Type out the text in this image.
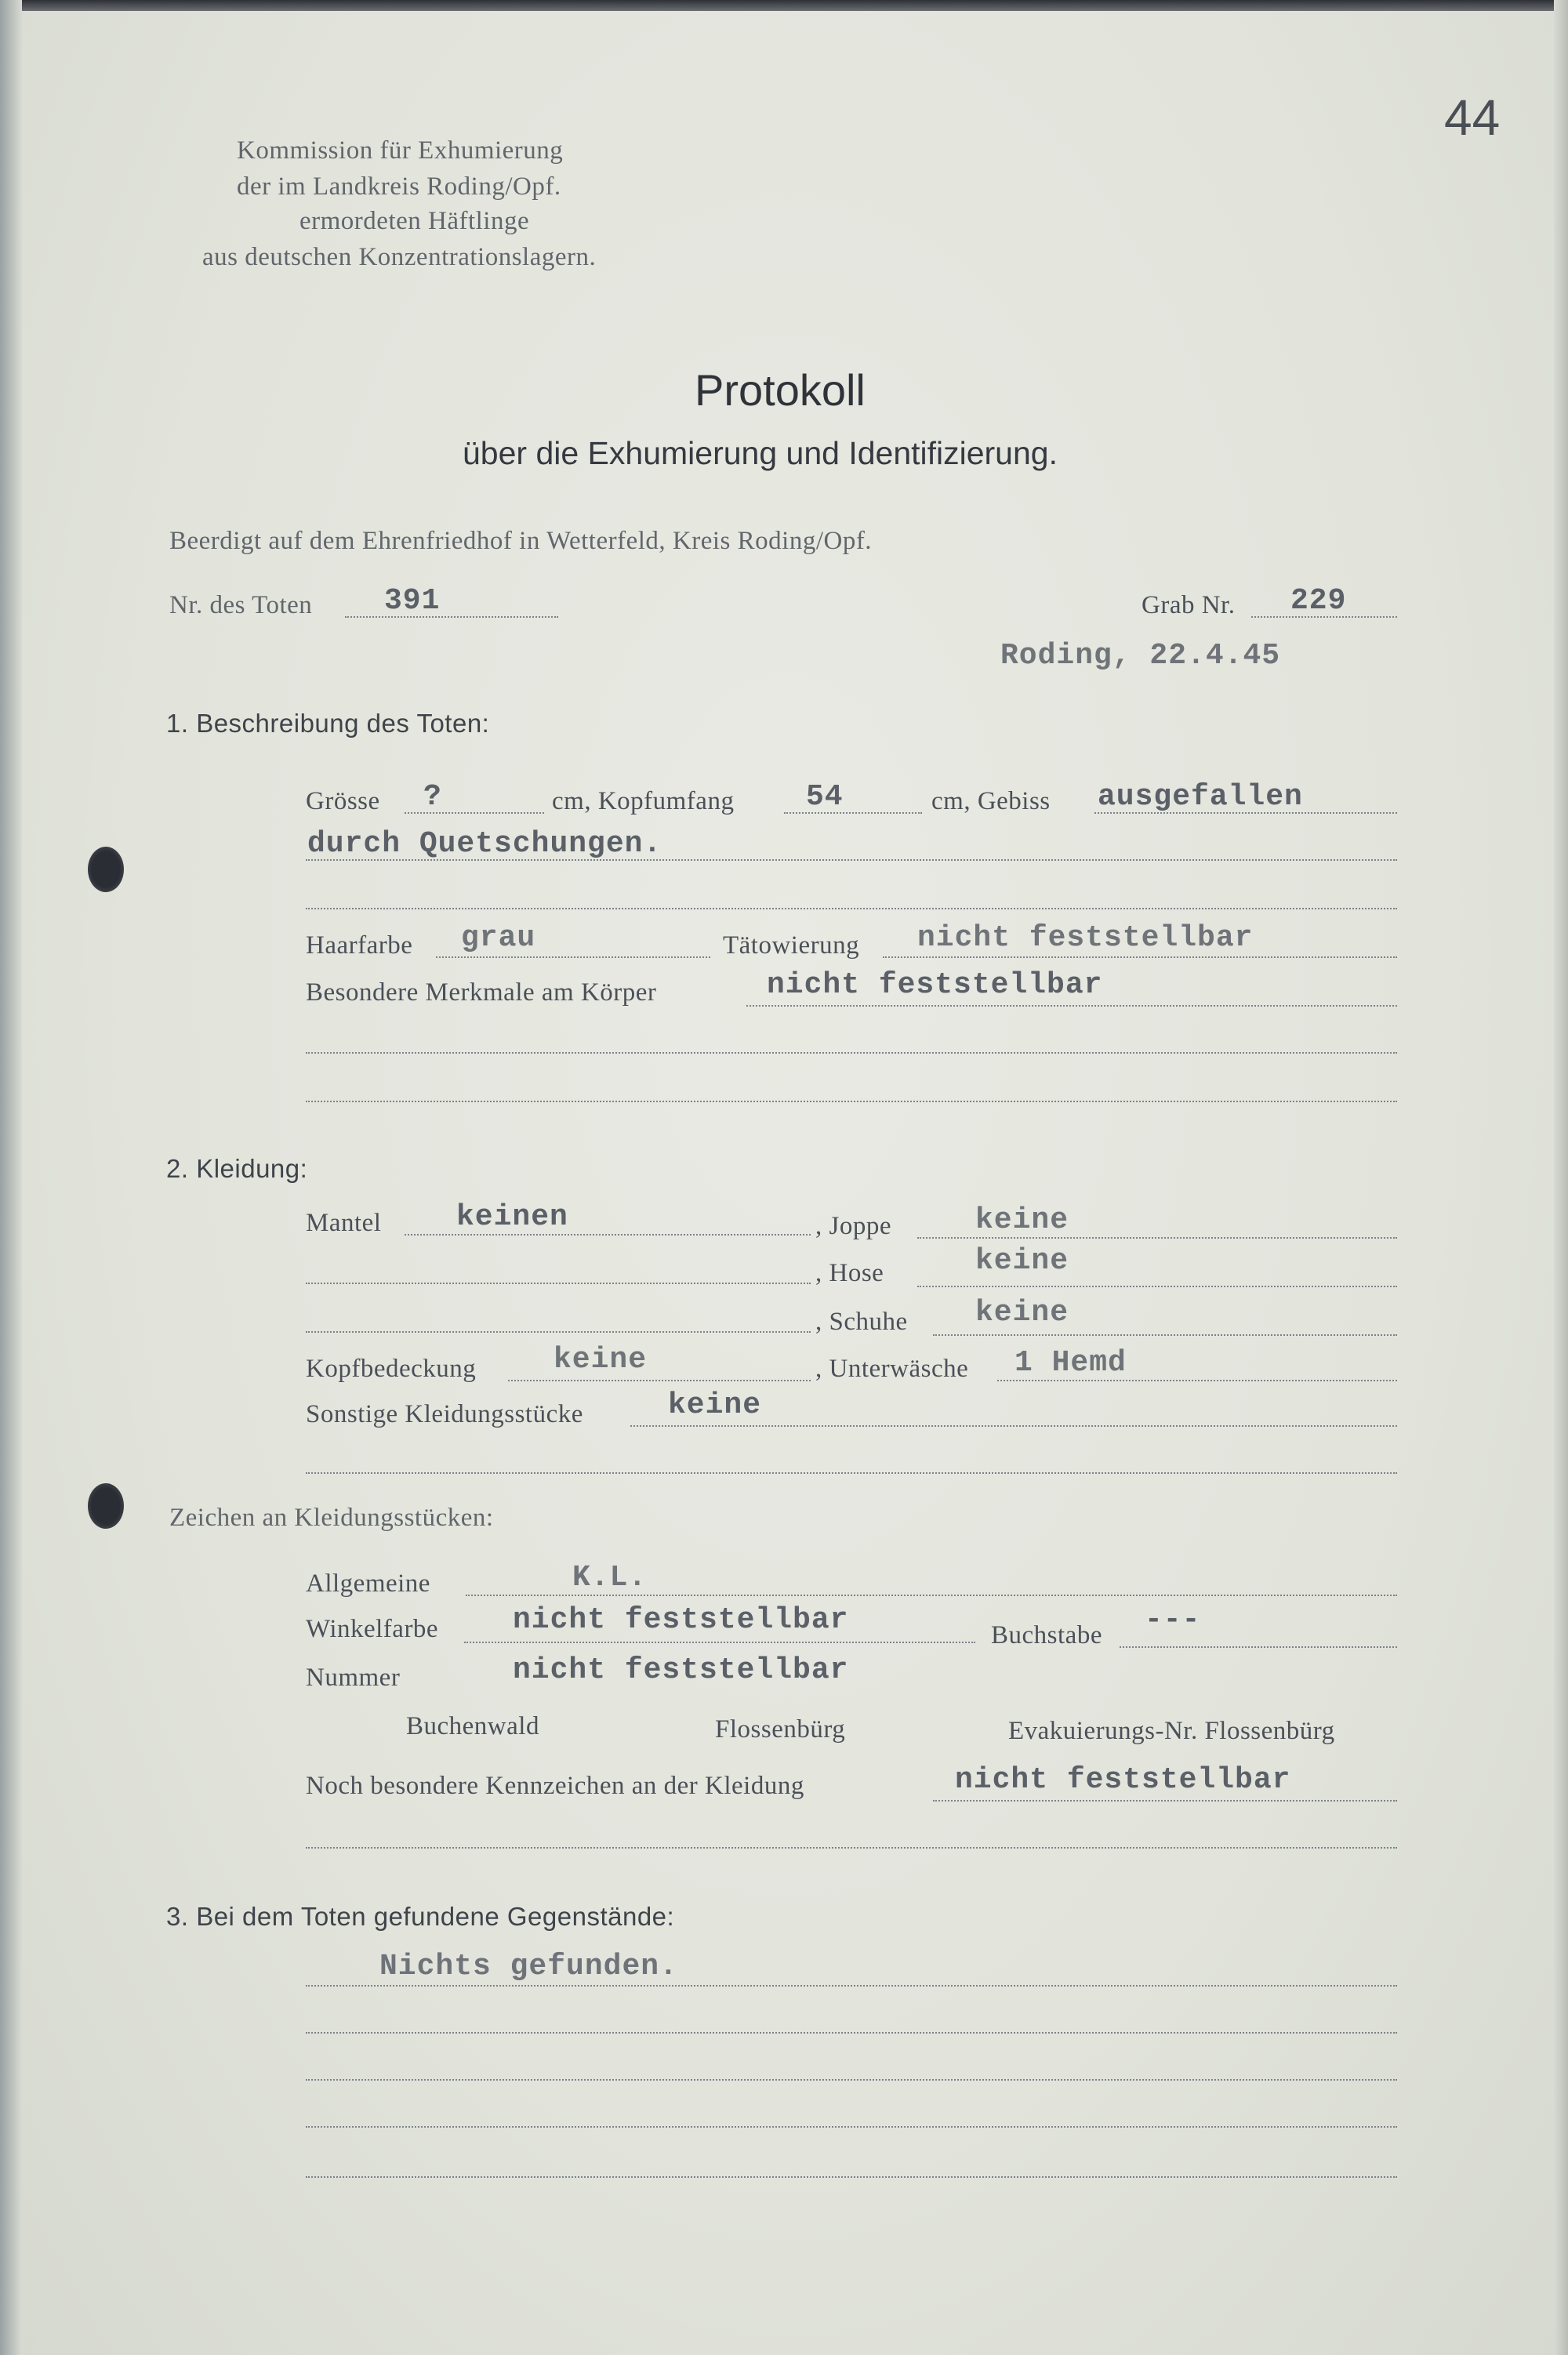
44
Kommission für Exhumierung
der im Landkreis Roding/Opf.
ermordeten Häftlinge
aus deutschen Konzentrationslagern.
Protokoll
über die Exhumierung und Identifizierung.
Beerdigt auf dem Ehrenfriedhof in Wetterfeld, Kreis Roding/Opf.
Nr. des Toten 391	Grab Nr. 229
Roding, 22.4.45
1. Beschreibung des Toten:
Grösse ?	cm, Kopfumfang 54	cm, Gebiss ausgefallen
durch Quetschungen.
Haarfarbe grau	Tätowierung nicht feststellbar
Besondere Merkmale am Körper	nicht feststellbar
2. Kleidung:
Mantel	keinen	, Joppe	keine
, Hose	keine
, Schuhe keine
Kopfbedeckung	keine	, Unterwäsche 1 Hemd
Sonstige Kleidungsstücke	keine
Zeichen an Kleidungsstücken:
Allgemeine	K.L.
Winkelfarbe nicht feststellbar	Buchstabe ---
Nummer	nicht feststellbar
Buchenwald	Flossenbürg	Evakuierungs-Nr. Flossenbürg
Noch besondere Kennzeichen an der Kleidung	nicht feststellbar
3. Bei dem Toten gefundene Gegenstände:
Nichts gefunden.
